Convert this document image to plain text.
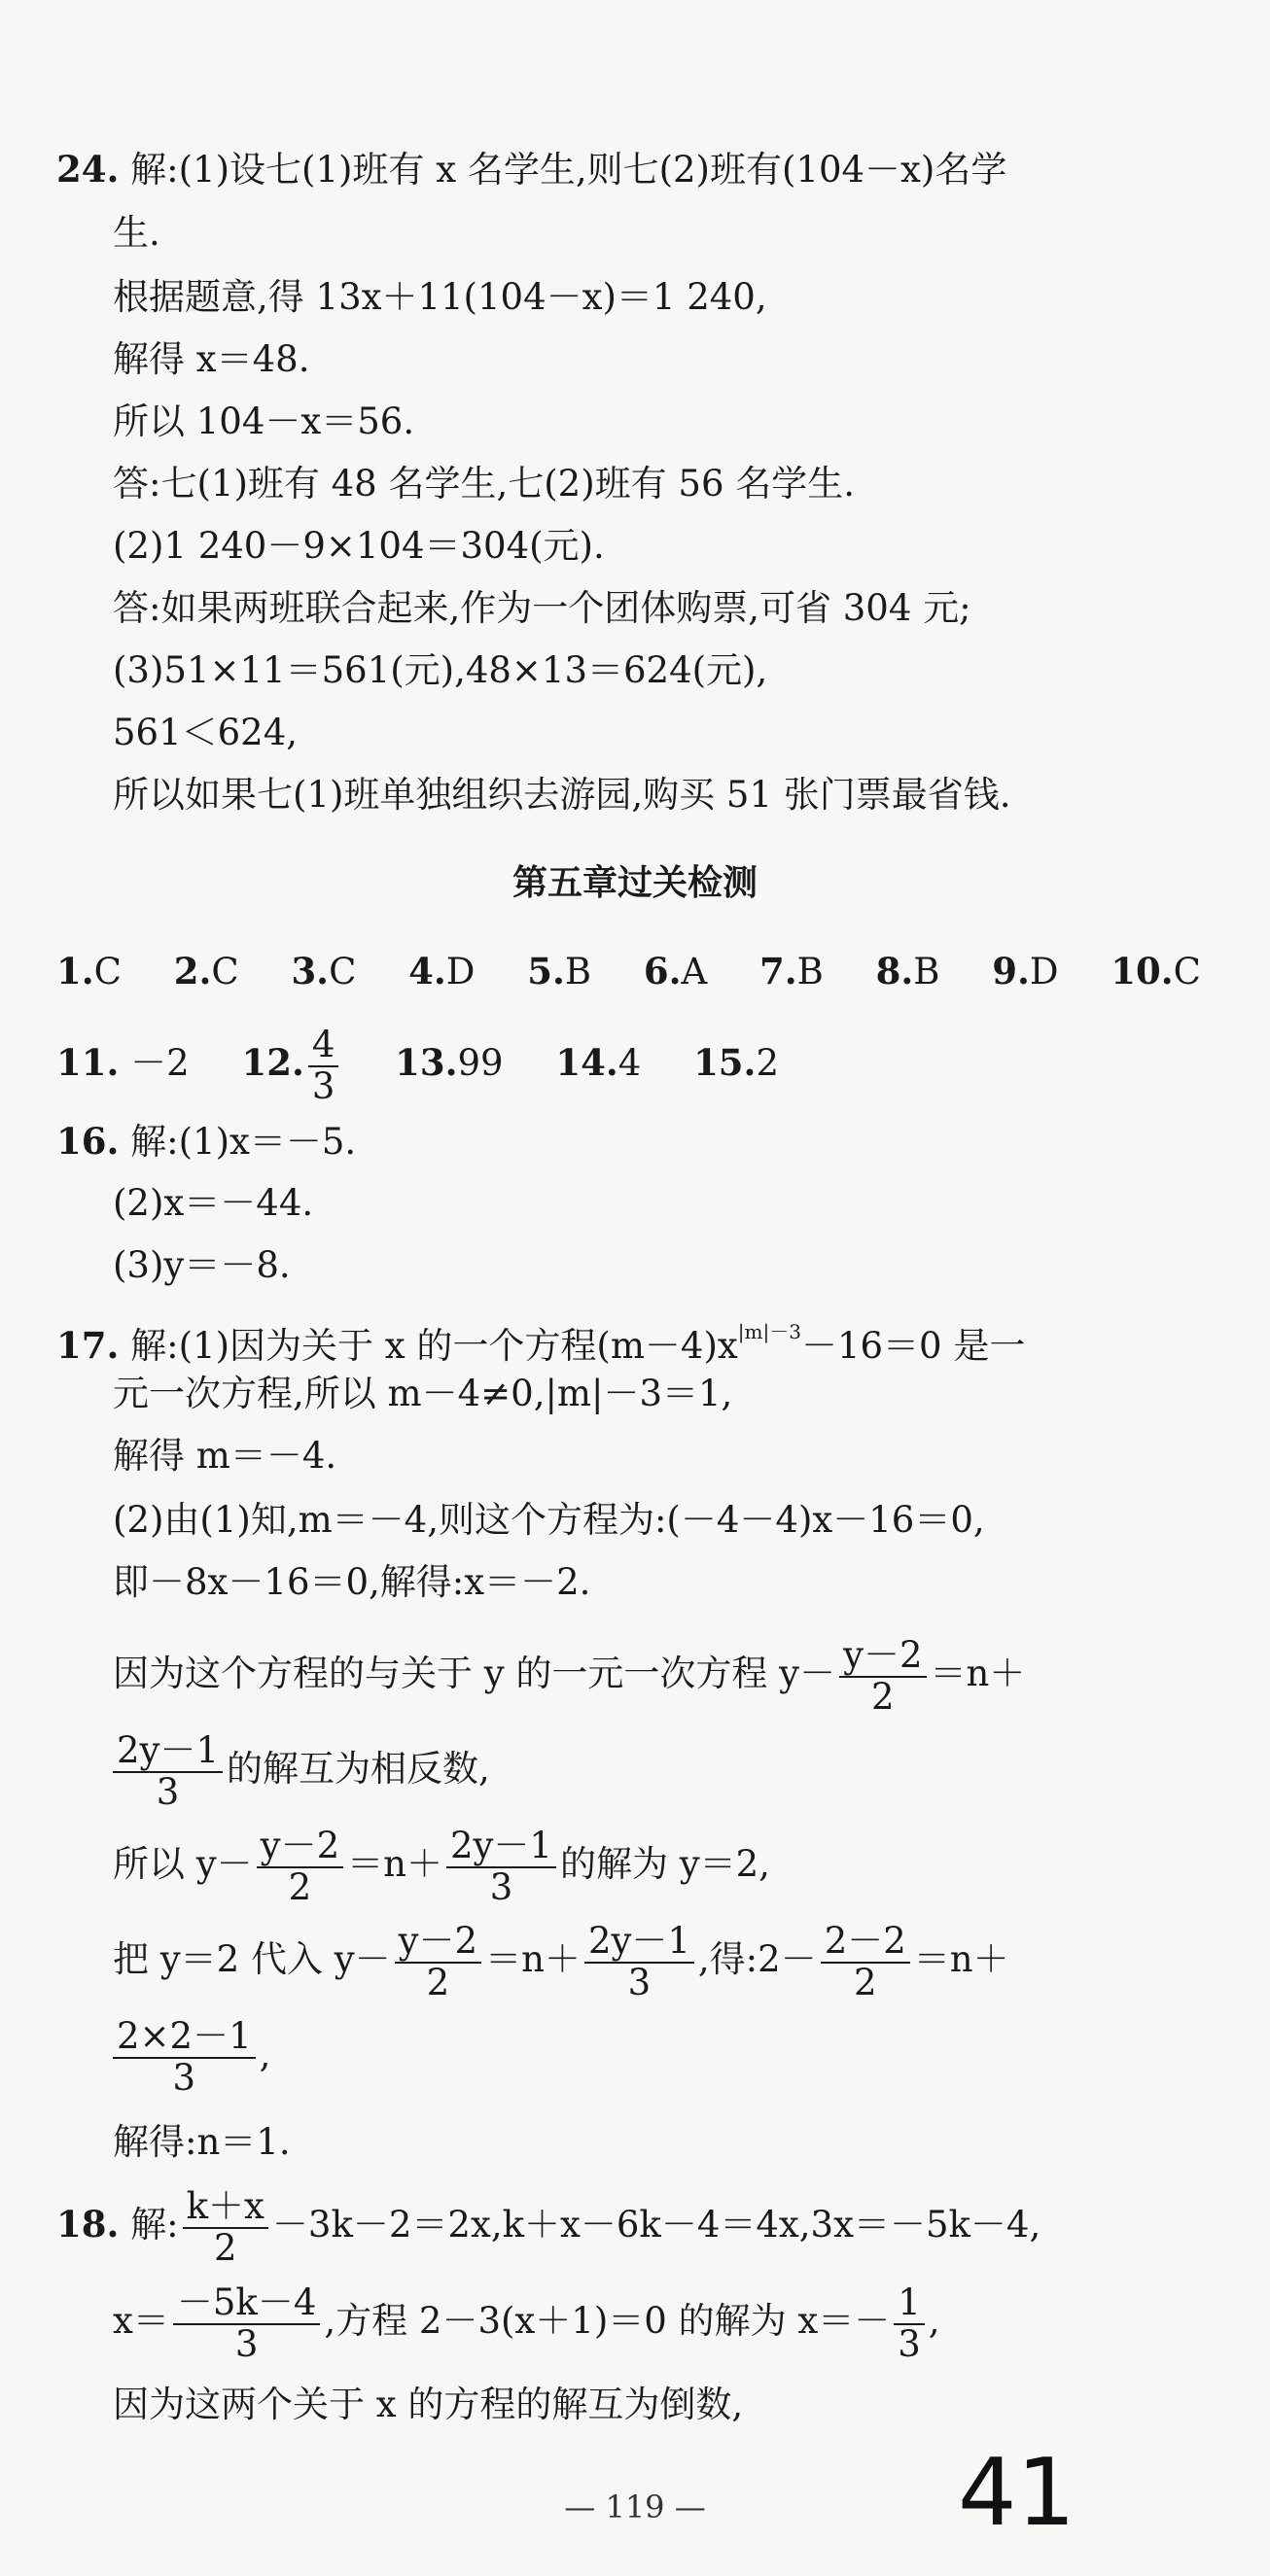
24. 解:(1)设七(1)班有 x 名学生,则七(2)班有(104－x)名学
生.
根据题意,得 13x＋11(104－x)＝1 240,
解得 x＝48.
所以 104－x＝56.
答:七(1)班有 48 名学生,七(2)班有 56 名学生.
(2)1 240－9×104＝304(元).
答:如果两班联合起来,作为一个团体购票,可省 304 元;
(3)51×11＝561(元),48×13＝624(元),
561＜624,
所以如果七(1)班单独组织去游园,购买 51 张门票最省钱.
第五章过关检测
1.C 2.C 3.C 4.D 5.B 6.A 7.B 8.B 9.D 10.C
11. －2 12. $\frac{4}{3} 13.99$ 14.4 15.2
16. 解:(1)x＝－5.
(2)x＝－44.
(3)y＝－8.
17. 解:(1)因为关于 x 的一个方程$(m-4)x^{|m|-3}-16=0$ 是一
元一次方程,所以 m－4≠0,|m|－3＝1,
解得 m＝－4.
(2)由(1)知,m＝－4,则这个方程为:(－4－4)x－16＝0,
即－8x－16＝0,解得:x＝－2.
因为这个方程的与关于 y 的一元一次方程 $y- \frac{y-2}{2} =n+$
$\frac{2y-1}{3}$ 的解互为相反数,
所以 $y- \frac{y-2}{2} =n+ \frac{2y-1}{3}$ 的解为 y＝2,
把 y＝2 代入 $y- \frac{y-2}{2} =n+ \frac{2y-1}{3}$ ,得:2－ $\frac{2-2}{2} =n+$
$\frac{2\times 2-1}{3}$ ,
解得:n＝1.
18. 解: $\frac{k+x}{2} -3k-2=2x,k+x-6k-4=4x,3x=-5k-4$,
$x= \frac{-5k-4}{3}$ ,方程 2－3(x＋1)＝0 的解为 $x=- \frac{1}{3}$ ,
因为这两个关于 x 的方程的解互为倒数,
— 119 —	41
